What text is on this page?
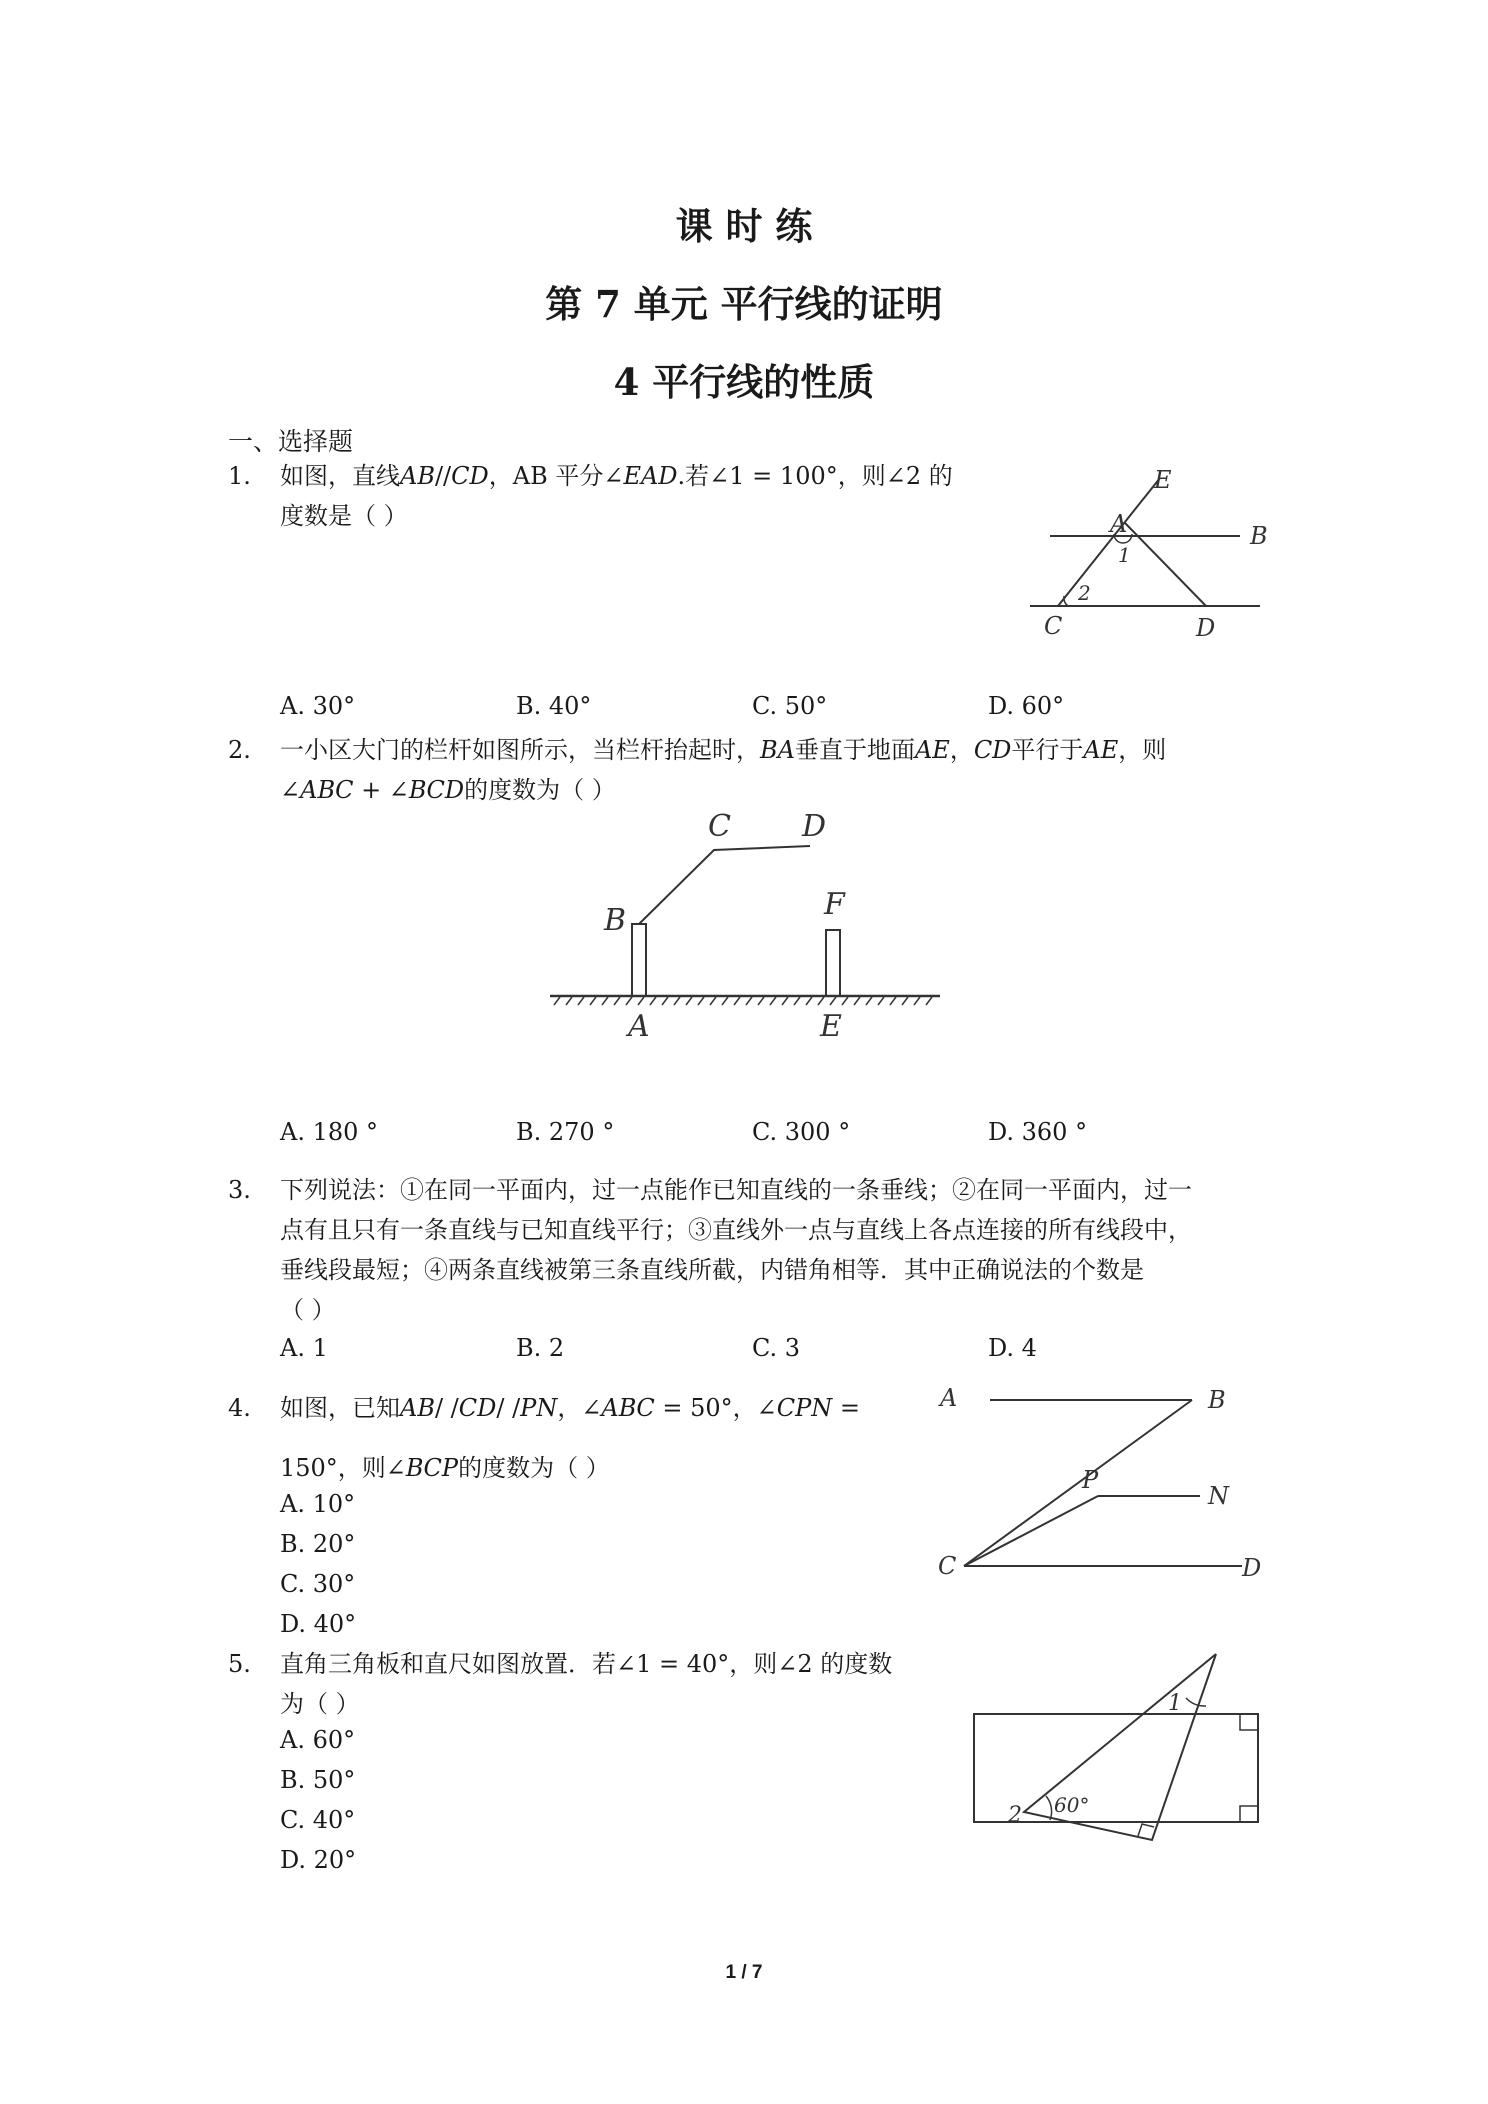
课 时 练
第 7 单元 平行线的证明
4 平行线的性质
一、选择题
1. 如图，直线𝐴𝐵//𝐶𝐷，AB 平分∠𝐸𝐴𝐷.若∠1 = 100°，则∠2 的
度数是（ ）
E
A	B
1
2
C	D
A. 30°	B. 40°	C. 50°	D. 60°
2. 一小区大门的栏杆如图所示，当栏杆抬起时，𝐵𝐴垂直于地面𝐴𝐸，𝐶𝐷平行于𝐴𝐸，则
∠𝐴𝐵𝐶 + ∠𝐵𝐶𝐷的度数为（ ）
C D
B	F
A	E
A. 180 °	B. 270 °	C. 300 °	D. 360 °
3. 下列说法：①在同一平面内，过一点能作已知直线的一条垂线；②在同一平面内，过一
点有且只有一条直线与已知直线平行；③直线外一点与直线上各点连接的所有线段中，
垂线段最短；④两条直线被第三条直线所截，内错角相等．其中正确说法的个数是
（ ）
A. 1	B. 2	C. 3	D. 4
4. 如图，已知𝐴𝐵/ /𝐶𝐷/ /𝑃𝑁，∠𝐴𝐵𝐶 = 50°，∠𝐶𝑃𝑁 =
150°，则∠𝐵𝐶𝑃的度数为（ ）
A. 10°
B. 20°
C. 30°
D. 40°
A	B
P
N
C	D
5. 直角三角板和直尺如图放置．若∠1 = 40°，则∠2 的度数
为（ ）
A. 60°
B. 50°
C. 40°
D. 20°
1
60°
2
1 / 7
